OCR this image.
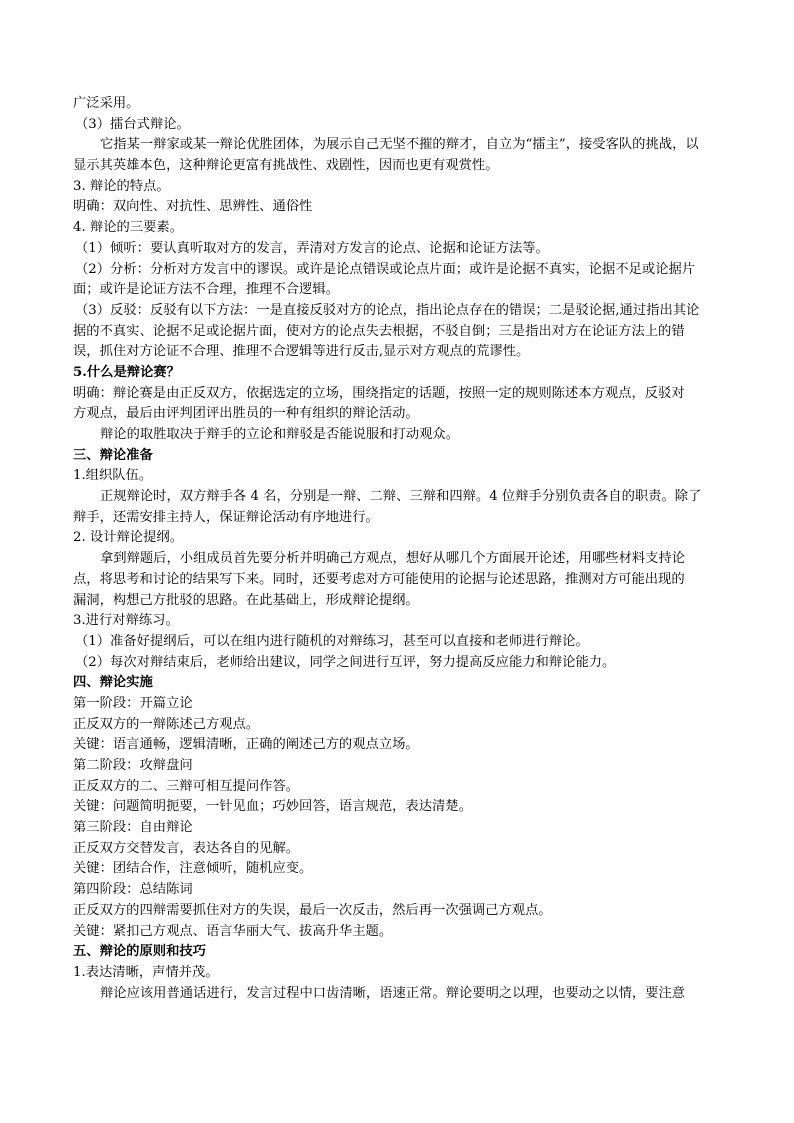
广泛采用。
（3）擂台式辩论。
它指某一辩家或某一辩论优胜团体，为展示自己无坚不摧的辩才，自立为“擂主”，接受客队的挑战，以
显示其英雄本色，这种辩论更富有挑战性、戏剧性，因而也更有观赏性。
3. 辩论的特点。
明确：双向性、对抗性、思辨性、通俗性
4. 辩论的三要素。
（1）倾听：要认真听取对方的发言，弄清对方发言的论点、论据和论证方法等。
（2）分析：分析对方发言中的谬误。或许是论点错误或论点片面；或许是论据不真实，论据不足或论据片
面；或许是论证方法不合理，推理不合逻辑。
（3）反驳：反驳有以下方法：一是直接反驳对方的论点，指出论点存在的错误；二是驳论据,通过指出其论
据的不真实、论据不足或论据片面，使对方的论点失去根据，不驳自倒；三是指出对方在论证方法上的错
误，抓住对方论证不合理、推理不合逻辑等进行反击,显示对方观点的荒谬性。
5.什么是辩论赛？
明确：辩论赛是由正反双方，依据选定的立场，围绕指定的话题，按照一定的规则陈述本方观点，反驳对
方观点，最后由评判团评出胜员的一种有组织的辩论活动。
辩论的取胜取决于辩手的立论和辩驳是否能说服和打动观众。
三、辩论准备
1.组织队伍。
正规辩论时，双方辩手各 4 名，分别是一辩、二辩、三辩和四辩。4 位辩手分别负责各自的职责。除了
辩手，还需安排主持人，保证辩论活动有序地进行。
2. 设计辩论提纲。
拿到辩题后，小组成员首先要分析并明确己方观点，想好从哪几个方面展开论述，用哪些材料支持论
点，将思考和讨论的结果写下来。同时，还要考虑对方可能使用的论据与论述思路，推测对方可能出现的
漏洞，构想己方批驳的思路。在此基础上，形成辩论提纲。
3.进行对辩练习。
（1）准备好提纲后，可以在组内进行随机的对辩练习，甚至可以直接和老师进行辩论。
（2）每次对辩结束后，老师给出建议，同学之间进行互评，努力提高反应能力和辩论能力。
四、辩论实施
第一阶段：开篇立论
正反双方的一辩陈述己方观点。
关键：语言通畅，逻辑清晰，正确的阐述己方的观点立场。
第二阶段：攻辩盘问
正反双方的二、三辩可相互提问作答。
关键：问题简明扼要，一针见血；巧妙回答，语言规范，表达清楚。
第三阶段：自由辩论
正反双方交替发言，表达各自的见解。
关键：团结合作，注意倾听，随机应变。
第四阶段：总结陈词
正反双方的四辩需要抓住对方的失误，最后一次反击，然后再一次强调己方观点。
关键：紧扣己方观点、语言华丽大气、拔高升华主题。
五、辩论的原则和技巧
1.表达清晰，声情并茂。
辩论应该用普通话进行，发言过程中口齿清晰，语速正常。辩论要明之以理，也要动之以情，要注意
